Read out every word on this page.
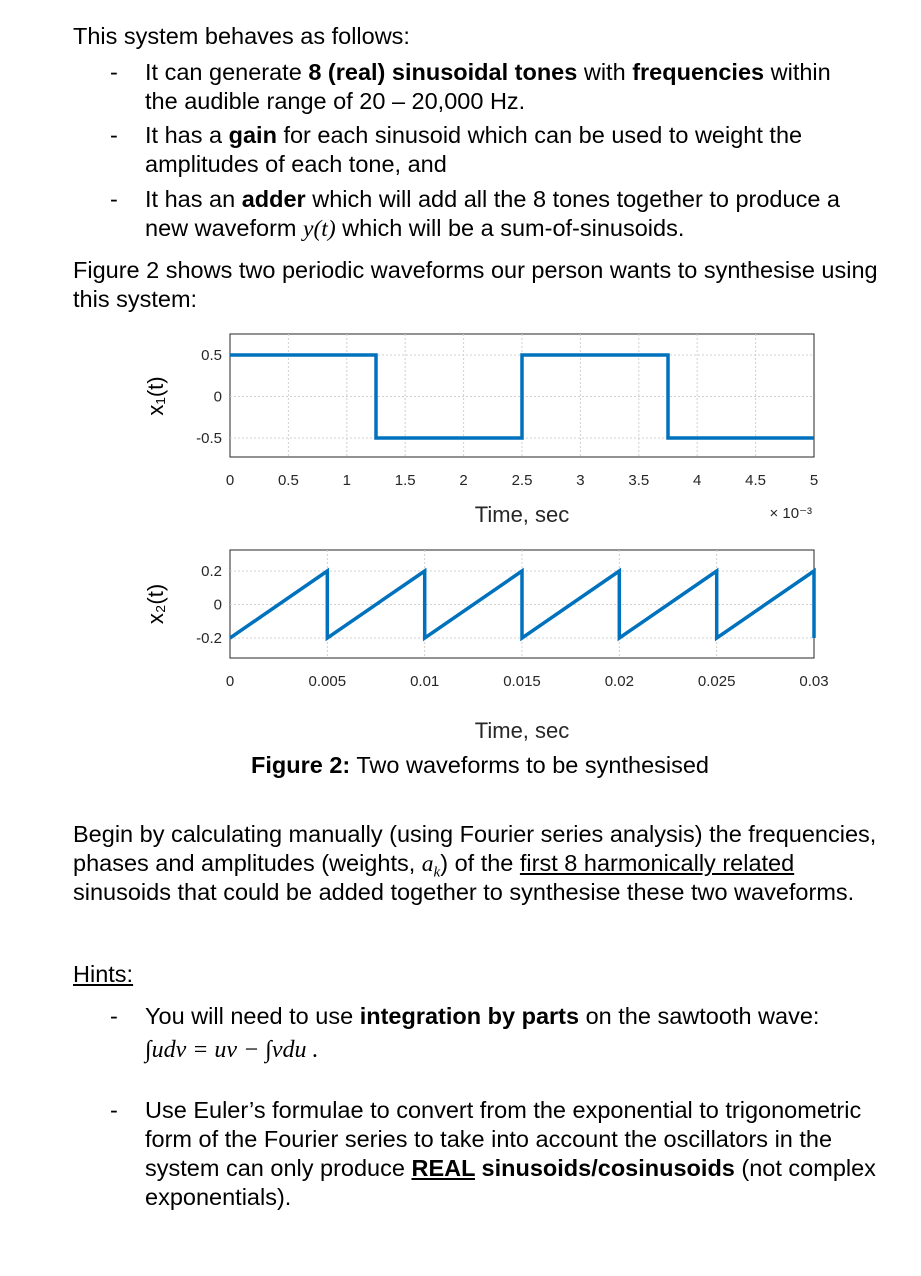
This system behaves as follows:
- It can generate 8 (real) sinusoidal tones with frequencies within
the audible range of 20 – 20,000 Hz.
- It has a gain for each sinusoid which can be used to weight the
amplitudes of each tone, and
- It has an adder which will add all the 8 tones together to produce a
new waveform y(t) which will be a sum-of-sinusoids.
Figure 2 shows two periodic waveforms our person wants to synthesise using
this system:
0	0.5	1	1.5	2	2.5	3	3.5	4	4.5	5
0.5
0
-0.5
x₁(t)
Time, sec	× 10⁻³
0	0.005	0.01	0.015	0.02	0.025	0.03
0.2
0
-0.2
x₂(t)
Time, sec
Figure 2: Two waveforms to be synthesised
Begin by calculating manually (using Fourier series analysis) the frequencies,
phases and amplitudes (weights, $a_k$) of the first 8 harmonically related
sinusoids that could be added together to synthesise these two waveforms.
Hints:
- You will need to use integration by parts on the sawtooth wave:
∫udv = uv − ∫vdu .
- Use Euler’s formulae to convert from the exponential to trigonometric
form of the Fourier series to take into account the oscillators in the
system can only produce REAL sinusoids/cosinusoids (not complex
exponentials).
